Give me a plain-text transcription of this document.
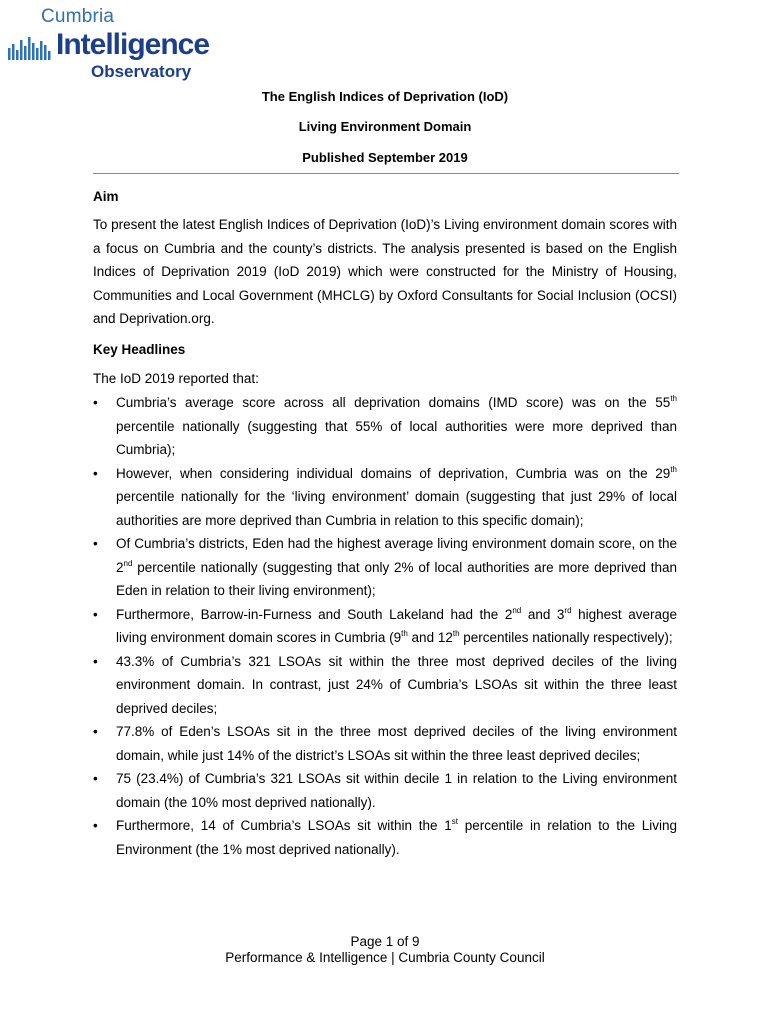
Cumbria
Intelligence
Observatory
The English Indices of Deprivation (IoD)
Living Environment Domain
Published September 2019
Aim
To present the latest English Indices of Deprivation (IoD)’s Living environment domain scores with a focus on Cumbria and the county’s districts. The analysis presented is based on the English Indices of Deprivation 2019 (IoD 2019) which were constructed for the Ministry of Housing, Communities and Local Government (MHCLG) by Oxford Consultants for Social Inclusion (OCSI) and Deprivation.org.
Key Headlines
The IoD 2019 reported that:
• Cumbria’s average score across all deprivation domains (IMD score) was on the 55th percentile nationally (suggesting that 55% of local authorities were more deprived than Cumbria);
• However, when considering individual domains of deprivation, Cumbria was on the 29th percentile nationally for the ‘living environment’ domain (suggesting that just 29% of local authorities are more deprived than Cumbria in relation to this specific domain);
• Of Cumbria’s districts, Eden had the highest average living environment domain score, on the 2nd percentile nationally (suggesting that only 2% of local authorities are more deprived than Eden in relation to their living environment);
• Furthermore, Barrow-in-Furness and South Lakeland had the 2nd and 3rd highest average living environment domain scores in Cumbria (9th and 12th percentiles nationally respectively);
• 43.3% of Cumbria’s 321 LSOAs sit within the three most deprived deciles of the living environment domain. In contrast, just 24% of Cumbria’s LSOAs sit within the three least deprived deciles;
• 77.8% of Eden’s LSOAs sit in the three most deprived deciles of the living environment domain, while just 14% of the district’s LSOAs sit within the three least deprived deciles;
• 75 (23.4%) of Cumbria’s 321 LSOAs sit within decile 1 in relation to the Living environment domain (the 10% most deprived nationally).
• Furthermore, 14 of Cumbria’s LSOAs sit within the 1st percentile in relation to the Living Environment (the 1% most deprived nationally).
Page 1 of 9
Performance & Intelligence | Cumbria County Council
